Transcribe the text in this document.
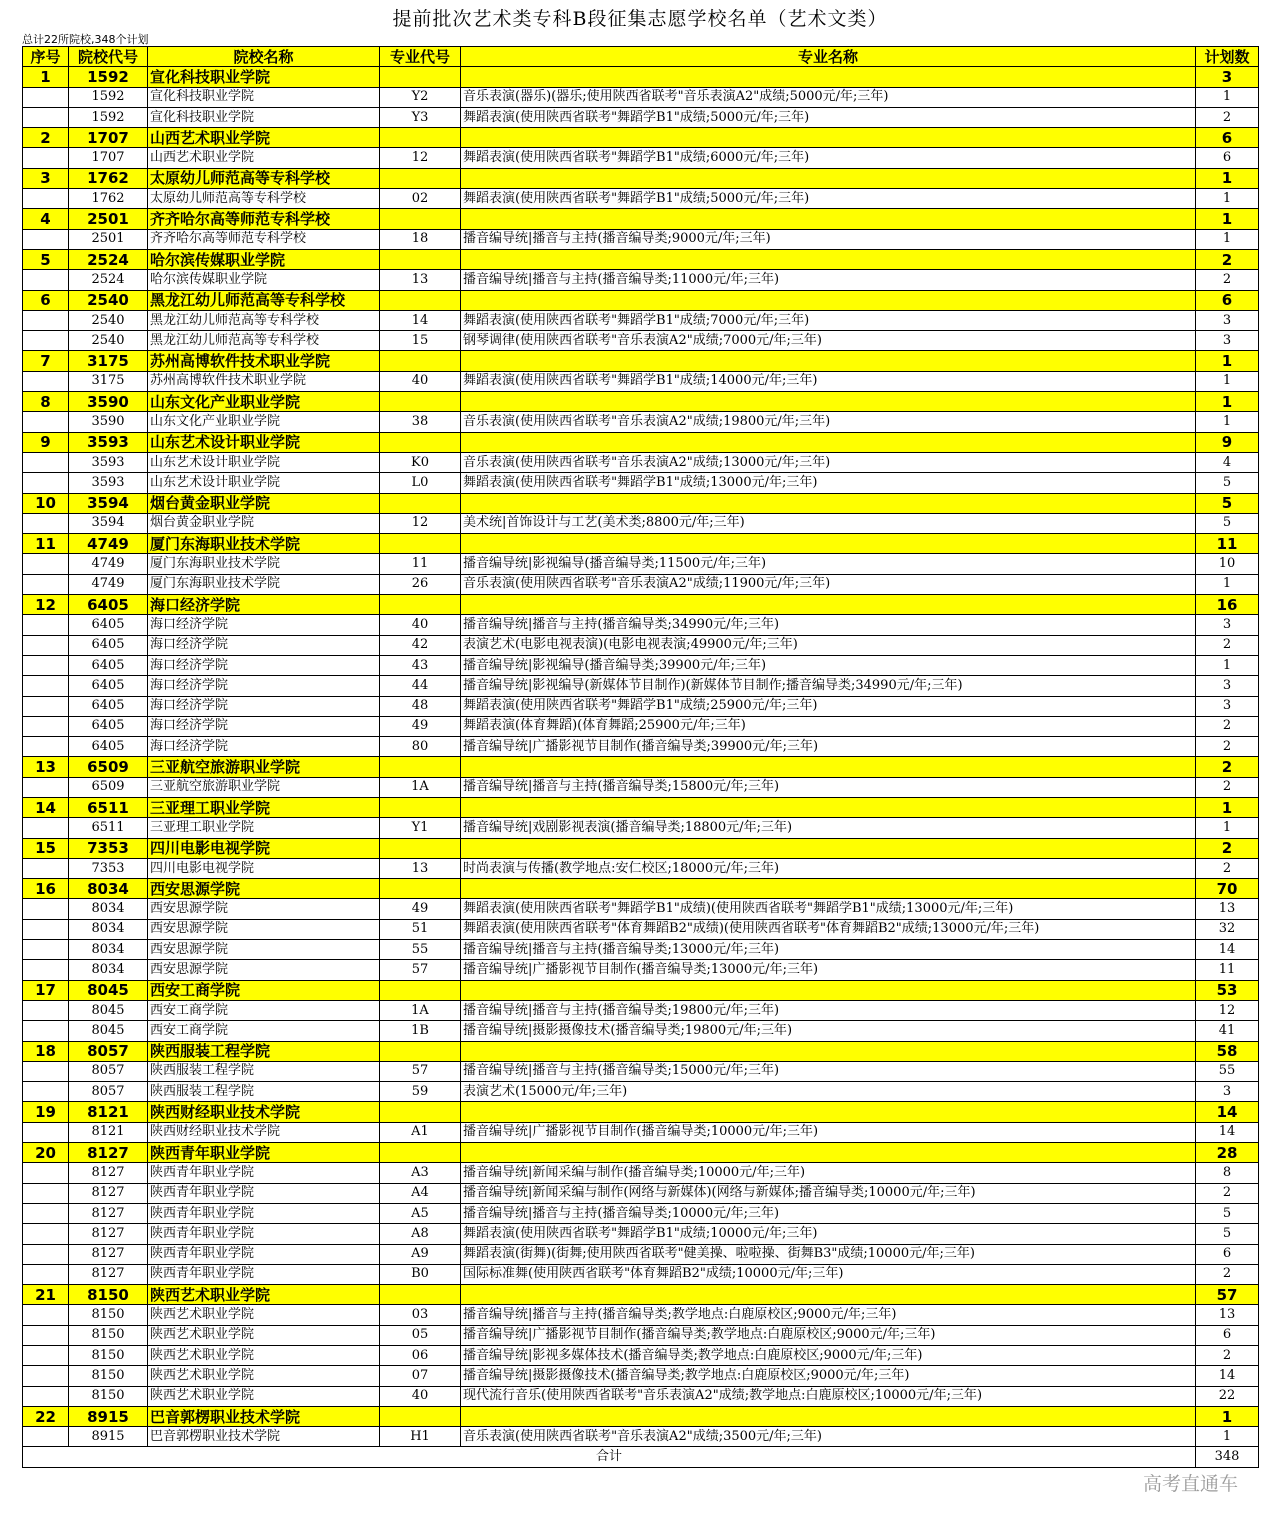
提前批次艺术类专科B段征集志愿学校名单（艺术文类）
总计22所院校,348个计划
序号	院校代号	院校名称	专业代号	专业名称	计划数
1	1592	宣化科技职业学院			3
	1592	宣化科技职业学院	Y2	音乐表演(器乐)(器乐;使用陕西省联考"音乐表演A2"成绩;5000元/年;三年)	1
	1592	宣化科技职业学院	Y3	舞蹈表演(使用陕西省联考"舞蹈学B1"成绩;5000元/年;三年)	2
2	1707	山西艺术职业学院			6
	1707	山西艺术职业学院	12	舞蹈表演(使用陕西省联考"舞蹈学B1"成绩;6000元/年;三年)	6
3	1762	太原幼儿师范高等专科学校			1
	1762	太原幼儿师范高等专科学校	02	舞蹈表演(使用陕西省联考"舞蹈学B1"成绩;5000元/年;三年)	1
4	2501	齐齐哈尔高等师范专科学校			1
	2501	齐齐哈尔高等师范专科学校	18	播音编导统|播音与主持(播音编导类;9000元/年;三年)	1
5	2524	哈尔滨传媒职业学院			2
	2524	哈尔滨传媒职业学院	13	播音编导统|播音与主持(播音编导类;11000元/年;三年)	2
6	2540	黑龙江幼儿师范高等专科学校			6
	2540	黑龙江幼儿师范高等专科学校	14	舞蹈表演(使用陕西省联考"舞蹈学B1"成绩;7000元/年;三年)	3
	2540	黑龙江幼儿师范高等专科学校	15	钢琴调律(使用陕西省联考"音乐表演A2"成绩;7000元/年;三年)	3
7	3175	苏州高博软件技术职业学院			1
	3175	苏州高博软件技术职业学院	40	舞蹈表演(使用陕西省联考"舞蹈学B1"成绩;14000元/年;三年)	1
8	3590	山东文化产业职业学院			1
	3590	山东文化产业职业学院	38	音乐表演(使用陕西省联考"音乐表演A2"成绩;19800元/年;三年)	1
9	3593	山东艺术设计职业学院			9
	3593	山东艺术设计职业学院	K0	音乐表演(使用陕西省联考"音乐表演A2"成绩;13000元/年;三年)	4
	3593	山东艺术设计职业学院	L0	舞蹈表演(使用陕西省联考"舞蹈学B1"成绩;13000元/年;三年)	5
10	3594	烟台黄金职业学院			5
	3594	烟台黄金职业学院	12	美术统|首饰设计与工艺(美术类;8800元/年;三年)	5
11	4749	厦门东海职业技术学院			11
	4749	厦门东海职业技术学院	11	播音编导统|影视编导(播音编导类;11500元/年;三年)	10
	4749	厦门东海职业技术学院	26	音乐表演(使用陕西省联考"音乐表演A2"成绩;11900元/年;三年)	1
12	6405	海口经济学院			16
	6405	海口经济学院	40	播音编导统|播音与主持(播音编导类;34990元/年;三年)	3
	6405	海口经济学院	42	表演艺术(电影电视表演)(电影电视表演;49900元/年;三年)	2
	6405	海口经济学院	43	播音编导统|影视编导(播音编导类;39900元/年;三年)	1
	6405	海口经济学院	44	播音编导统|影视编导(新媒体节目制作)(新媒体节目制作;播音编导类;34990元/年;三年)	3
	6405	海口经济学院	48	舞蹈表演(使用陕西省联考"舞蹈学B1"成绩;25900元/年;三年)	3
	6405	海口经济学院	49	舞蹈表演(体育舞蹈)(体育舞蹈;25900元/年;三年)	2
	6405	海口经济学院	80	播音编导统|广播影视节目制作(播音编导类;39900元/年;三年)	2
13	6509	三亚航空旅游职业学院			2
	6509	三亚航空旅游职业学院	1A	播音编导统|播音与主持(播音编导类;15800元/年;三年)	2
14	6511	三亚理工职业学院			1
	6511	三亚理工职业学院	Y1	播音编导统|戏剧影视表演(播音编导类;18800元/年;三年)	1
15	7353	四川电影电视学院			2
	7353	四川电影电视学院	13	时尚表演与传播(教学地点:安仁校区;18000元/年;三年)	2
16	8034	西安思源学院			70
	8034	西安思源学院	49	舞蹈表演(使用陕西省联考"舞蹈学B1"成绩)(使用陕西省联考"舞蹈学B1"成绩;13000元/年;三年)	13
	8034	西安思源学院	51	舞蹈表演(使用陕西省联考"体育舞蹈B2"成绩)(使用陕西省联考"体育舞蹈B2"成绩;13000元/年;三年)	32
	8034	西安思源学院	55	播音编导统|播音与主持(播音编导类;13000元/年;三年)	14
	8034	西安思源学院	57	播音编导统|广播影视节目制作(播音编导类;13000元/年;三年)	11
17	8045	西安工商学院			53
	8045	西安工商学院	1A	播音编导统|播音与主持(播音编导类;19800元/年;三年)	12
	8045	西安工商学院	1B	播音编导统|摄影摄像技术(播音编导类;19800元/年;三年)	41
18	8057	陕西服装工程学院			58
	8057	陕西服装工程学院	57	播音编导统|播音与主持(播音编导类;15000元/年;三年)	55
	8057	陕西服装工程学院	59	表演艺术(15000元/年;三年)	3
19	8121	陕西财经职业技术学院			14
	8121	陕西财经职业技术学院	A1	播音编导统|广播影视节目制作(播音编导类;10000元/年;三年)	14
20	8127	陕西青年职业学院			28
	8127	陕西青年职业学院	A3	播音编导统|新闻采编与制作(播音编导类;10000元/年;三年)	8
	8127	陕西青年职业学院	A4	播音编导统|新闻采编与制作(网络与新媒体)(网络与新媒体;播音编导类;10000元/年;三年)	2
	8127	陕西青年职业学院	A5	播音编导统|播音与主持(播音编导类;10000元/年;三年)	5
	8127	陕西青年职业学院	A8	舞蹈表演(使用陕西省联考"舞蹈学B1"成绩;10000元/年;三年)	5
	8127	陕西青年职业学院	A9	舞蹈表演(街舞)(街舞;使用陕西省联考"健美操、啦啦操、街舞B3"成绩;10000元/年;三年)	6
	8127	陕西青年职业学院	B0	国际标准舞(使用陕西省联考"体育舞蹈B2"成绩;10000元/年;三年)	2
21	8150	陕西艺术职业学院			57
	8150	陕西艺术职业学院	03	播音编导统|播音与主持(播音编导类;教学地点:白鹿原校区;9000元/年;三年)	13
	8150	陕西艺术职业学院	05	播音编导统|广播影视节目制作(播音编导类;教学地点:白鹿原校区;9000元/年;三年)	6
	8150	陕西艺术职业学院	06	播音编导统|影视多媒体技术(播音编导类;教学地点:白鹿原校区;9000元/年;三年)	2
	8150	陕西艺术职业学院	07	播音编导统|摄影摄像技术(播音编导类;教学地点:白鹿原校区;9000元/年;三年)	14
	8150	陕西艺术职业学院	40	现代流行音乐(使用陕西省联考"音乐表演A2"成绩;教学地点:白鹿原校区;10000元/年;三年)	22
22	8915	巴音郭楞职业技术学院			1
	8915	巴音郭楞职业技术学院	H1	音乐表演(使用陕西省联考"音乐表演A2"成绩;3500元/年;三年)	1
合计					348
高考直通车
